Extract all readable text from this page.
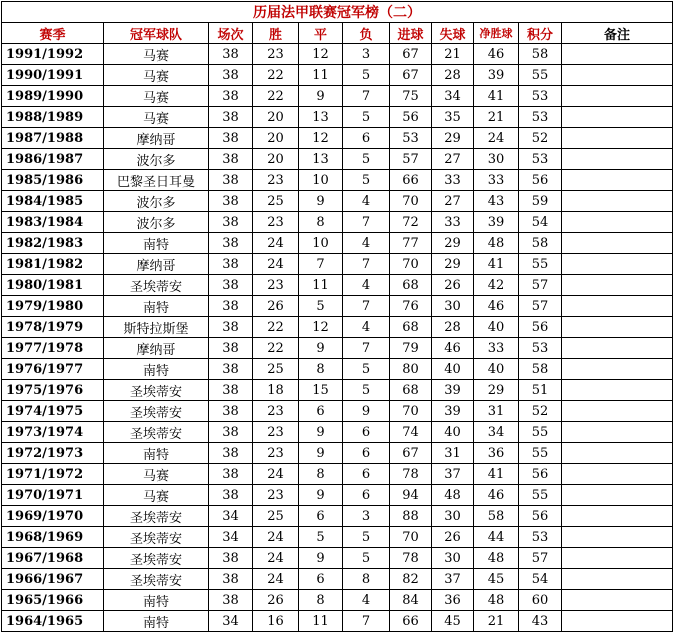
历届法甲联赛冠军榜（二）										
赛季	冠军球队	场次	胜	平	负	进球	失球	净胜球	积分	备注
1991/1992	马赛	38	23	12	3	67	21	46	58	
1990/1991	马赛	38	22	11	5	67	28	39	55	
1989/1990	马赛	38	22	9	7	75	34	41	53	
1988/1989	马赛	38	20	13	5	56	35	21	53	
1987/1988	摩纳哥	38	20	12	6	53	29	24	52	
1986/1987	波尔多	38	20	13	5	57	27	30	53	
1985/1986	巴黎圣日耳曼	38	23	10	5	66	33	33	56	
1984/1985	波尔多	38	25	9	4	70	27	43	59	
1983/1984	波尔多	38	23	8	7	72	33	39	54	
1982/1983	南特	38	24	10	4	77	29	48	58	
1981/1982	摩纳哥	38	24	7	7	70	29	41	55	
1980/1981	圣埃蒂安	38	23	11	4	68	26	42	57	
1979/1980	南特	38	26	5	7	76	30	46	57	
1978/1979	斯特拉斯堡	38	22	12	4	68	28	40	56	
1977/1978	摩纳哥	38	22	9	7	79	46	33	53	
1976/1977	南特	38	25	8	5	80	40	40	58	
1975/1976	圣埃蒂安	38	18	15	5	68	39	29	51	
1974/1975	圣埃蒂安	38	23	6	9	70	39	31	52	
1973/1974	圣埃蒂安	38	23	9	6	74	40	34	55	
1972/1973	南特	38	23	9	6	67	31	36	55	
1971/1972	马赛	38	24	8	6	78	37	41	56	
1970/1971	马赛	38	23	9	6	94	48	46	55	
1969/1970	圣埃蒂安	34	25	6	3	88	30	58	56	
1968/1969	圣埃蒂安	34	24	5	5	70	26	44	53	
1967/1968	圣埃蒂安	38	24	9	5	78	30	48	57	
1966/1967	圣埃蒂安	38	24	6	8	82	37	45	54	
1965/1966	南特	38	26	8	4	84	36	48	60	
1964/1965	南特	34	16	11	7	66	45	21	43	
